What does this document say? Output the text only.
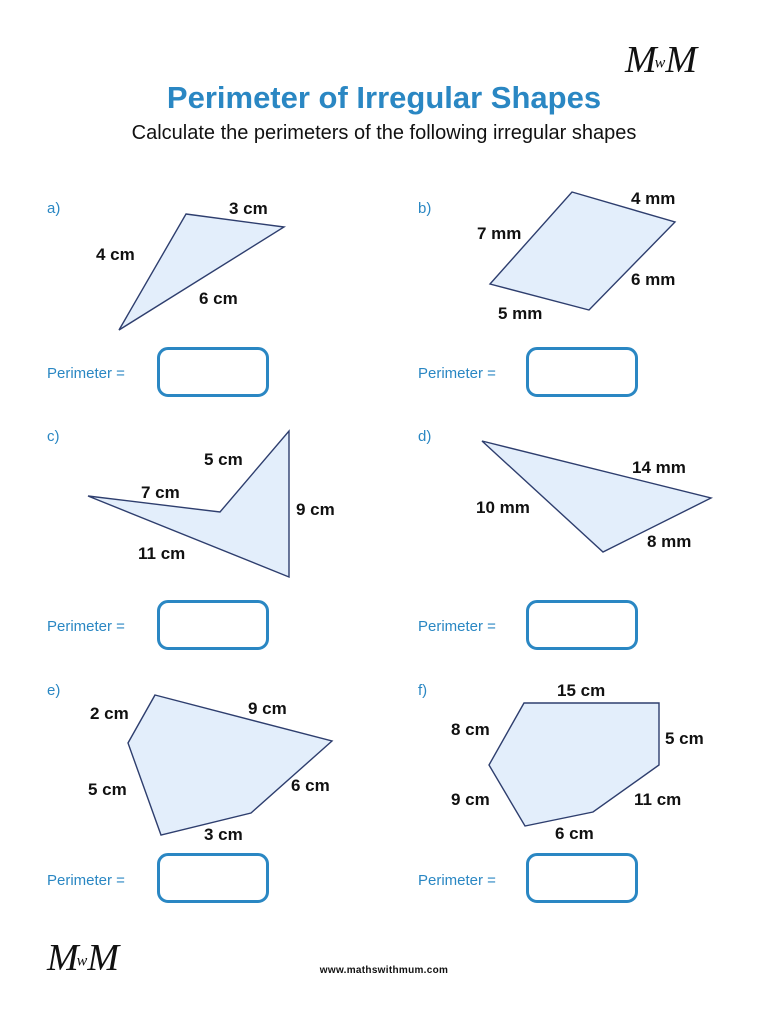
MwM
Perimeter of Irregular Shapes

Calculate the perimeters of the following irregular shapes

a)	b)
c)	d)
e)	f)
3 cm
4 cm
6 cm
4 mm
7 mm
6 mm
5 mm
5 cm
7 cm
9 cm
11 cm
14 mm
10 mm
8 mm
2 cm	9 cm
6 cm
5 cm
3 cm
15 cm
8 cm	5 cm
9 cm	11 cm
6 cm
Perimeter =	Perimeter =
Perimeter =	Perimeter =
Perimeter =	Perimeter =
MwM	www.mathswithmum.com
